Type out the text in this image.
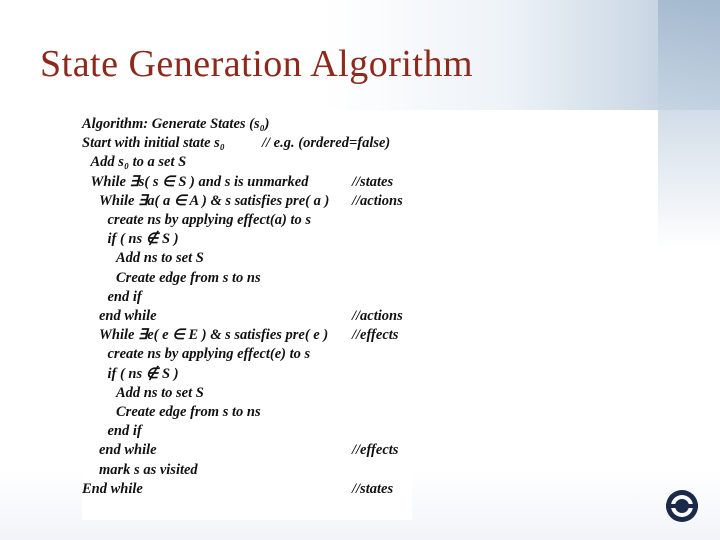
State Generation Algorithm
Algorithm: Generate States (s₀)
Start with initial state s₀	// e.g. (ordered=false)
Add s₀ to a set S
While ∃s( s ∈ S ) and s is unmarked	//states
While ∃a( a ∈ A ) & s satisfies pre( a ) //actions
create ns by applying effect(a) to s
if ( ns ∉ S )
Add ns to set S
Create edge from s to ns
end if
end while	//actions
While ∃e( e ∈ E ) & s satisfies pre( e ) //effects
create ns by applying effect(e) to s
if ( ns ∉ S )
Add ns to set S
Create edge from s to ns
end if
end while	//effects
mark s as visited
End while	//states
